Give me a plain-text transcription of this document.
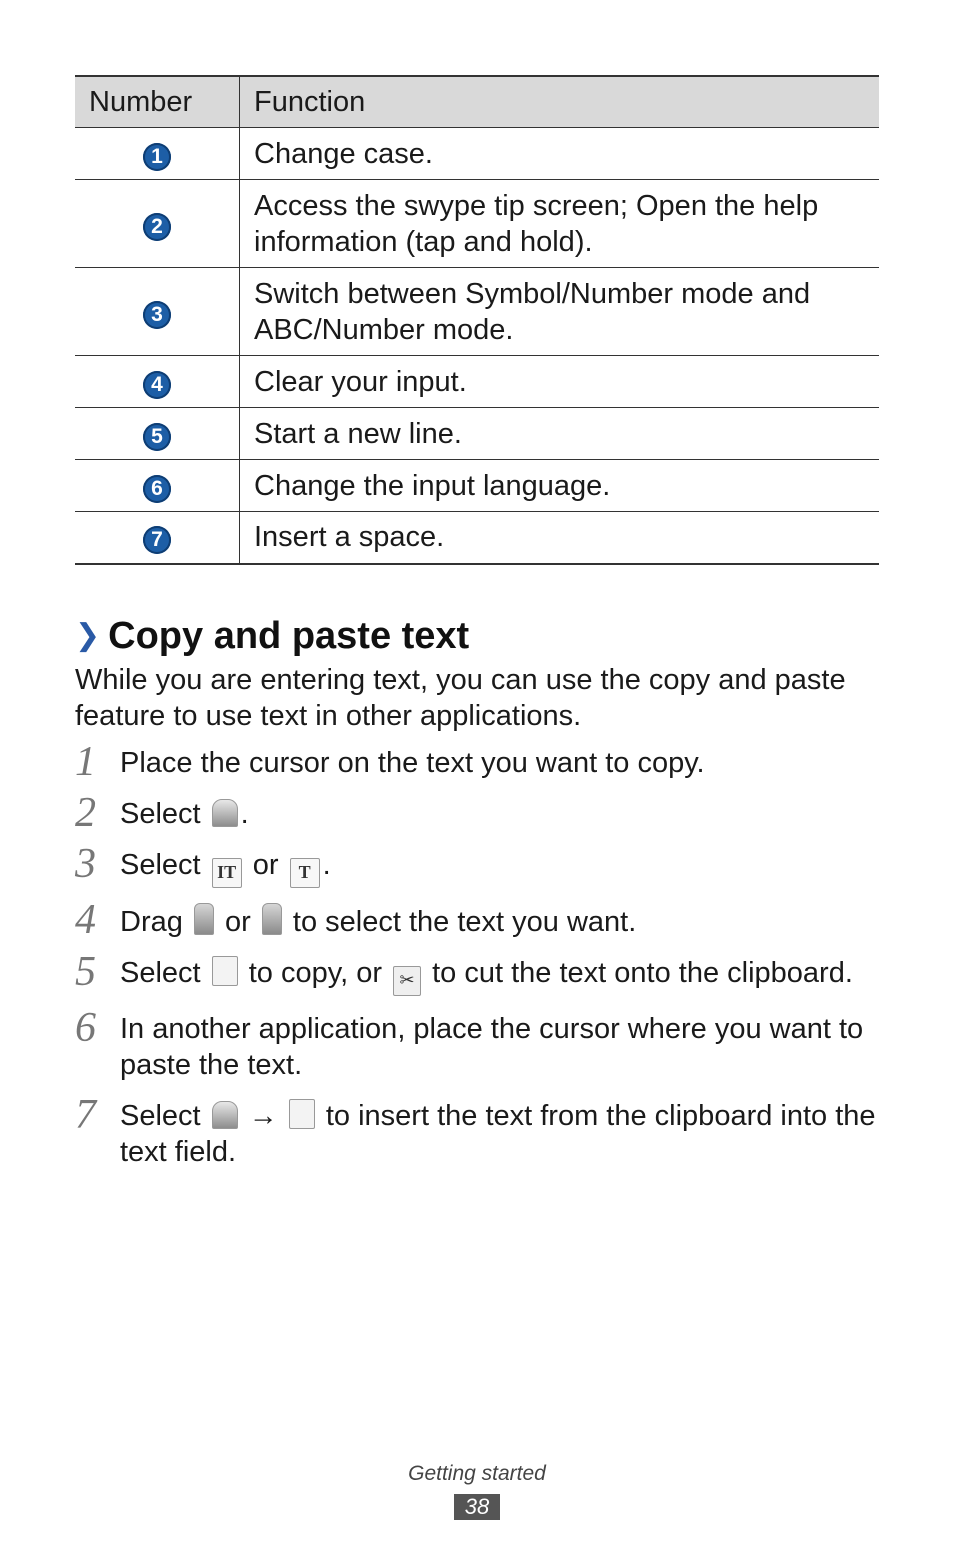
Number	Function
1	Change case.
2	Access the swype tip screen; Open the help information (tap and hold).
3	Switch between Symbol/Number mode and ABC/Number mode.
4	Clear your input.
5	Start a new line.
6	Change the input language.
7	Insert a space.
❯ Copy and paste text

While you are entering text, you can use the copy and paste feature to use text in other applications.

1 Place the cursor on the text you want to copy.
2 Select .
3 Select IT or T .
4 Drag or to select the text you want.
5 Select to copy, or ✂ to cut the text onto the clipboard.
6 In another application, place the cursor where you want to paste the text.
7 Select → to insert the text from the clipboard into the text field.
Getting started
38
